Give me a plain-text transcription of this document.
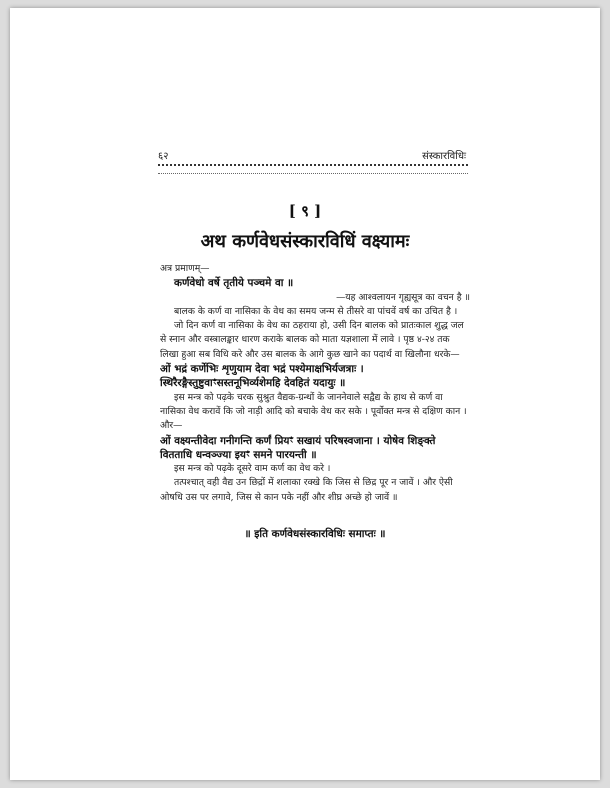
६२	संस्कारविधिः
[ ९ ]
अथ कर्णवेधसंस्कारविधिं वक्ष्यामः

अत्र प्रमाणम्—

कर्णवेधो वर्षे तृतीये पञ्चमे वा ॥

—यह आश्वलायन गृह्यसूत्र का वचन है ॥

बालक के कर्ण वा नासिका के वेध का समय जन्म से तीसरे वा पांचवें वर्ष का उचित है ।

जो दिन कर्ण वा नासिका के वेध का ठहराया हो, उसी दिन बालक को प्रातःकाल शुद्ध जल से स्नान और वस्त्रालङ्कार धारण कराके बालक को माता यज्ञशाला में लावे । पृष्ठ ४-२४ तक लिखा हुआ सब विधि करे और उस बालक के आगे कुछ खाने का पदार्थ वा खिलौना धरके—

ओं भद्रं कर्णेभिः शृणुयाम देवा भद्रं पश्येमाक्षभिर्यजत्राः । स्थिरैरङ्गैस्तुष्टुवाꣳसस्तनूभिर्व्यशेमहि देवहितं यदायुः ॥

इस मन्त्र को पढ़के चरक सुश्रुत वैद्यक-ग्रन्थों के जाननेवाले सद्वैद्य के हाथ से कर्ण वा नासिका वेध करावें कि जो नाड़ी आदि को बचाके वेध कर सके । पूर्वोक्त मन्त्र से दक्षिण कान । और—

ओं वक्ष्यन्तीवेदा गनीगन्ति कर्णं प्रियꣳ सखायं परिषस्वजाना । योषेव शिङ्क्ते वितताधि धन्वञ्ज्या इयꣳ समने पारयन्ती ॥

इस मन्त्र को पढ़के दूसरे वाम कर्ण का वेध करे ।

तत्पश्चात् वही वैद्य उन छिद्रों में शलाका रक्खे कि जिस से छिद्र पूर न जावें । और ऐसी ओषधि उस पर लगावे, जिस से कान पके नहीं और शीघ्र अच्छे हो जावें ॥

॥ इति कर्णवेधसंस्कारविधिः समाप्तः ॥
